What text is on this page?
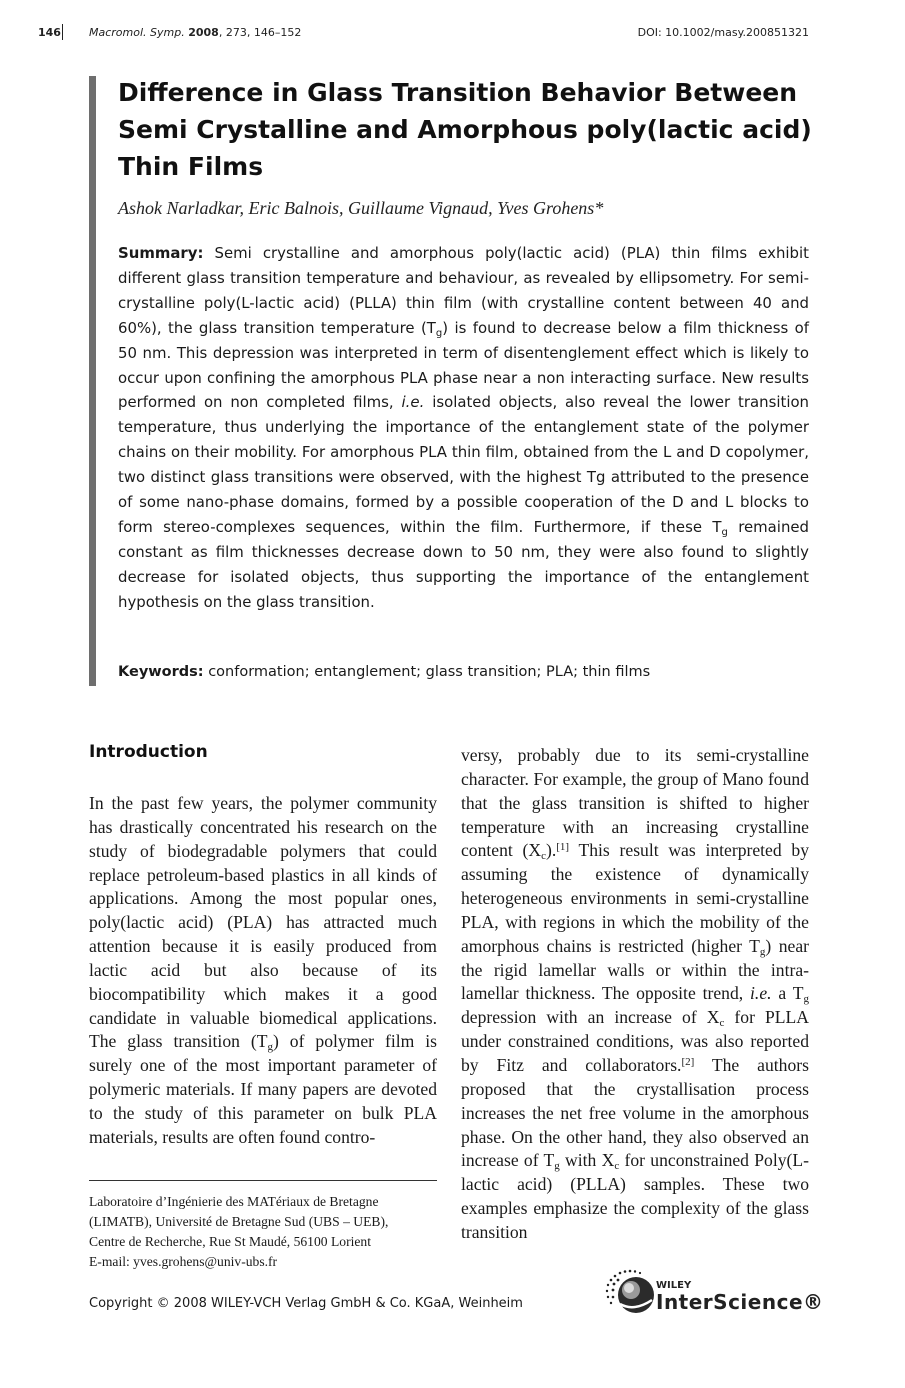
146	Macromol. Symp. 2008, 273, 146–152	DOI: 10.1002/masy.200851321
Difference in Glass Transition Behavior Between Semi Crystalline and Amorphous poly(lactic acid) Thin Films
Ashok Narladkar, Eric Balnois, Guillaume Vignaud, Yves Grohens*

Summary: Semi crystalline and amorphous poly(lactic acid) (PLA) thin films exhibit different glass transition temperature and behaviour, as revealed by ellipsometry. For semi-crystalline poly(L-lactic acid) (PLLA) thin film (with crystalline content between 40 and 60%), the glass transition temperature $(T_g)$ is found to decrease below a film thickness of 50 nm. This depression was interpreted in term of disentenglement effect which is likely to occur upon confining the amorphous PLA phase near a non interacting surface. New results performed on non completed films, i.e. isolated objects, also reveal the lower transition temperature, thus underlying the importance of the entanglement state of the polymer chains on their mobility. For amorphous PLA thin film, obtained from the L and D copolymer, two distinct glass transitions were observed, with the highest Tg attributed to the presence of some nano-phase domains, formed by a possible cooperation of the D and L blocks to form stereo-complexes sequences, within the film. Furthermore, if these $T_g$ remained constant as film thicknesses decrease down to 50 nm, they were also found to slightly decrease for isolated objects, thus supporting the importance of the entanglement hypothesis on the glass transition.

Keywords: conformation; entanglement; glass transition; PLA; thin films
Introduction

In the past few years, the polymer community has drastically concentrated his research on the study of biodegradable polymers that could replace petroleum-based plastics in all kinds of applications. Among the most popular ones, poly(lactic acid) (PLA) has attracted much attention because it is easily produced from lactic acid but also because of its biocompatibility which makes it a good candidate in valuable biomedical applications. The glass transition $(T_g)$ of polymer film is surely one of the most important parameter of polymeric materials. If many papers are devoted to the study of this parameter on bulk PLA materials, results are often found contro-

versy, probably due to its semi-crystalline character. For example, the group of Mano found that the glass transition is shifted to higher temperature with an increasing crystalline content $(X_c).[1]$ This result was interpreted by assuming the existence of dynamically heterogeneous environments in semi-crystalline PLA, with regions in which the mobility of the amorphous chains is restricted (higher $T_g$) near the rigid lamellar walls or within the intra-lamellar thickness. The opposite trend, i.e. a $T_g$ depression with an increase of $X_c$ for PLLA under constrained conditions, was also reported by Fitz and collaborators.[2] The authors proposed that the crystallisation process increases the net free volume in the amorphous phase. On the other hand, they also observed an increase of $T_g$ with $X_c$ for unconstrained Poly(L-lactic acid) (PLLA) samples. These two examples emphasize the complexity of the glass transition

Laboratoire d’Ingénierie des MATériaux de Bretagne
(LIMATB), Université de Bretagne Sud (UBS – UEB),
Centre de Recherche, Rue St Maudé, 56100 Lorient
E-mail: yves.grohens@univ-ubs.fr
Copyright © 2008 WILEY-VCH Verlag GmbH & Co. KGaA, Weinheim
WILEY
InterScience®
